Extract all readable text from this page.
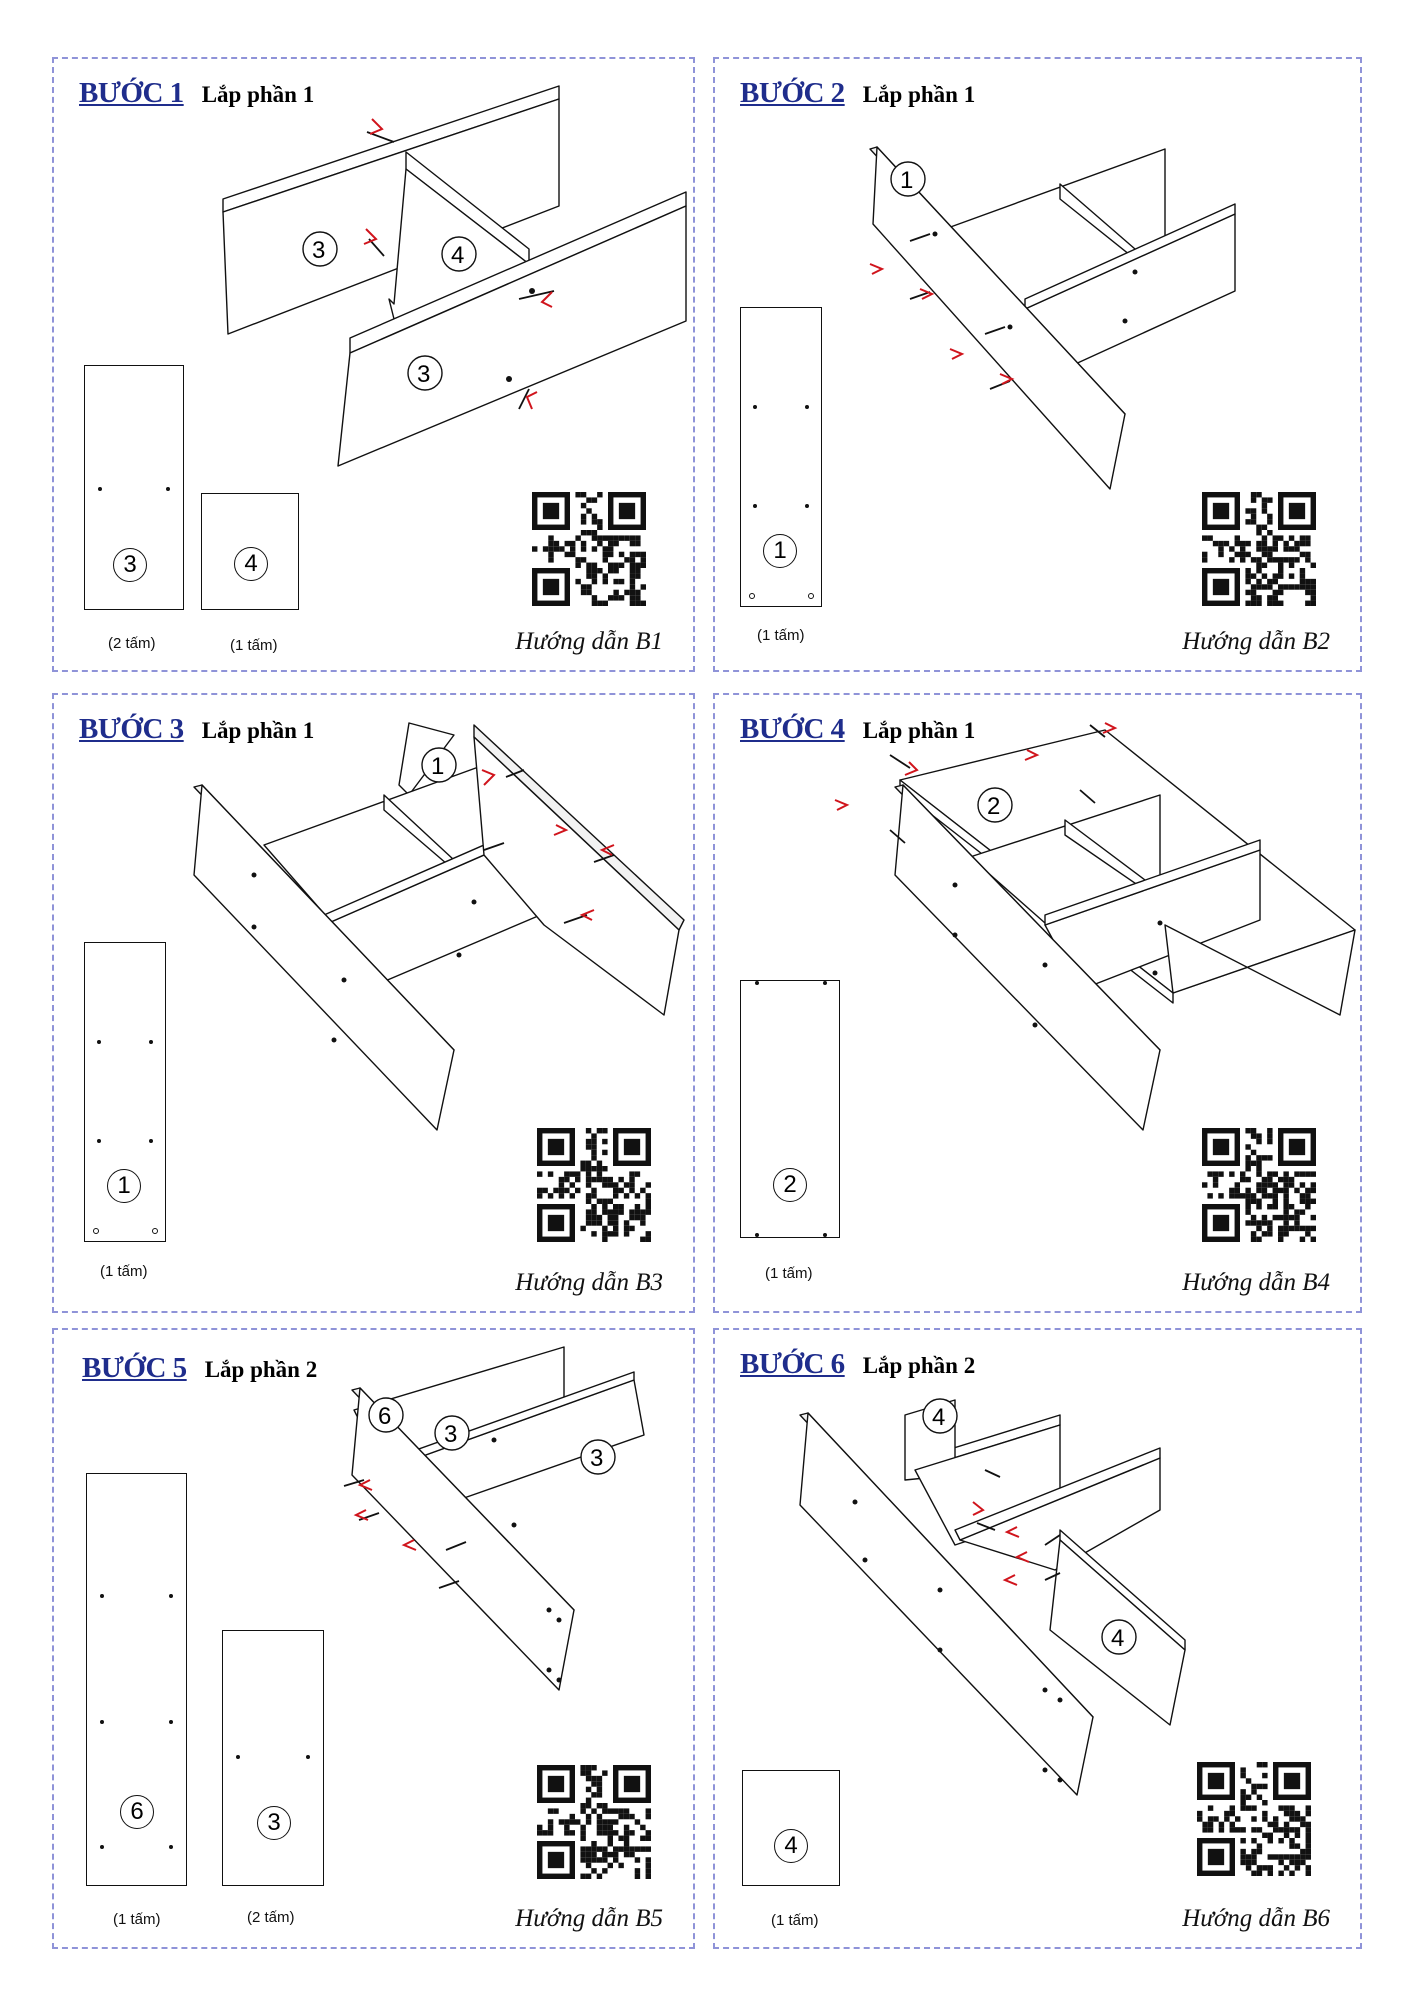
BƯỚC 1 Lắp phần 1
3	4
3
3
(2 tấm)
4
(1 tấm)	Hướng dẫn B1
BƯỚC 2 Lắp phần 1
1
1
(1 tấm)	Hướng dẫn B2
BƯỚC 3 Lắp phần 1
1
1
(1 tấm)	Hướng dẫn B3
BƯỚC 4 Lắp phần 1
2
2
(1 tấm)	Hướng dẫn B4
BƯỚC 5 Lắp phần 2
6
3
3
6
(1 tấm)
3
(2 tấm)	Hướng dẫn B5
BƯỚC 6 Lắp phần 2
4
4
4
(1 tấm)	Hướng dẫn B6
